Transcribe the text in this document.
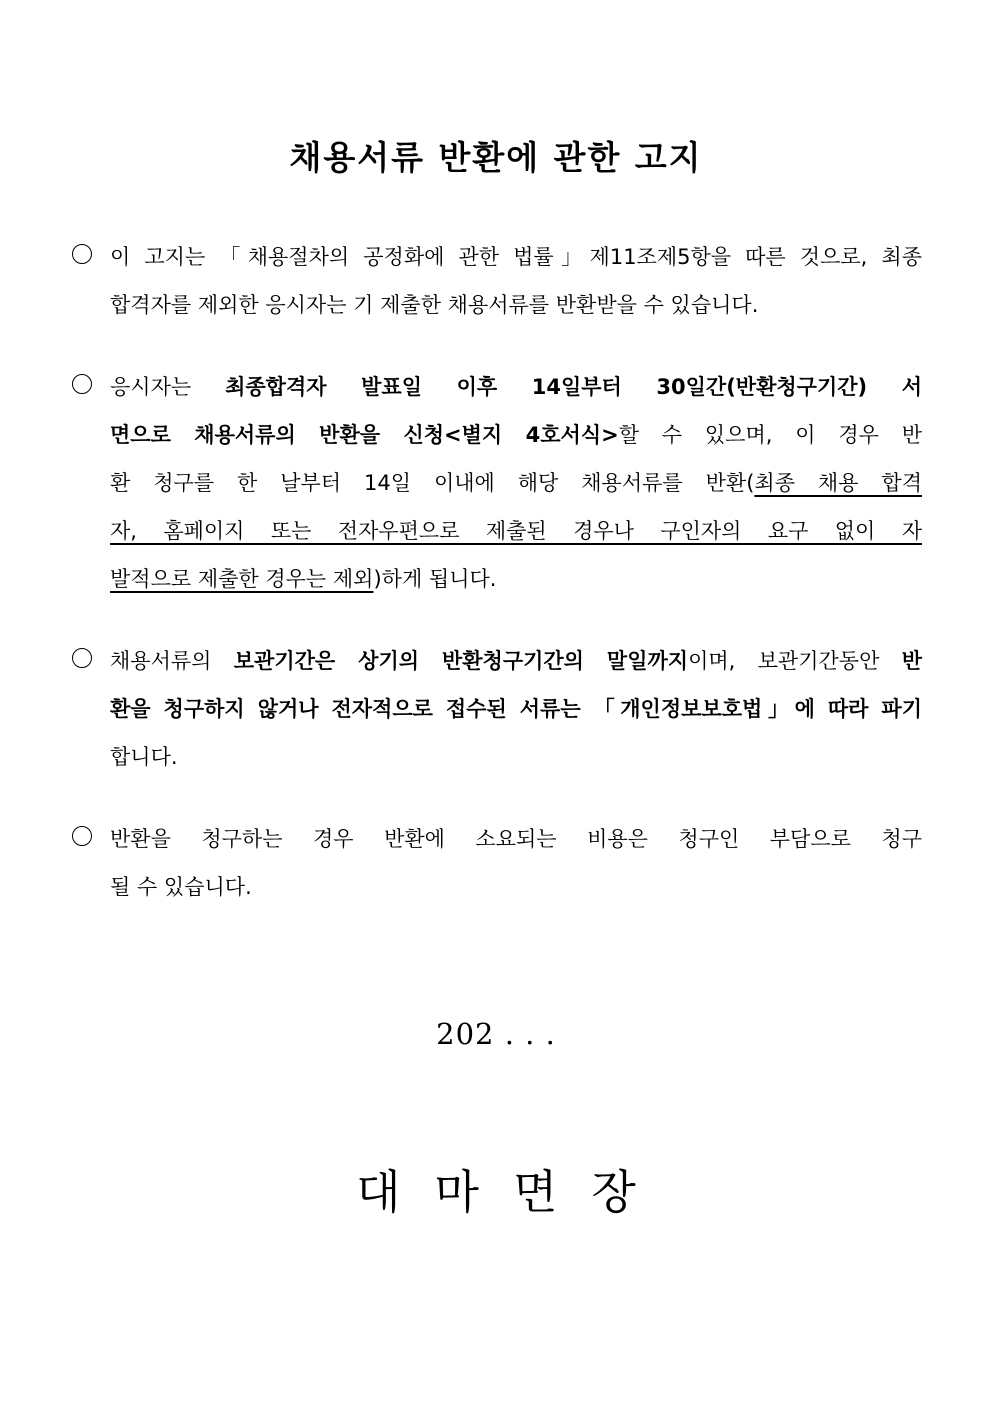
채용서류 반환에 관한 고지
이 고지는 「채용절차의 공정화에 관한 법률」제11조제5항을 따른 것으로, 최종
합격자를 제외한 응시자는 기 제출한 채용서류를 반환받을 수 있습니다.
응시자는 최종합격자 발표일 이후 14일부터 30일간(반환청구기간) 서
면으로 채용서류의 반환을 신청<별지 4호서식>할 수 있으며, 이 경우 반
환 청구를 한 날부터 14일 이내에 해당 채용서류를 반환(최종 채용 합격
자, 홈페이지 또는 전자우편으로 제출된 경우나 구인자의 요구 없이 자
발적으로 제출한 경우는 제외)하게 됩니다.
채용서류의 보관기간은 상기의 반환청구기간의 말일까지이며, 보관기간동안 반
환을 청구하지 않거나 전자적으로 접수된 서류는 「개인정보보호법」에 따라 파기
합니다.
반환을 청구하는 경우 반환에 소요되는 비용은 청구인 부담으로 청구
될 수 있습니다.
202 . . .
대마면장
